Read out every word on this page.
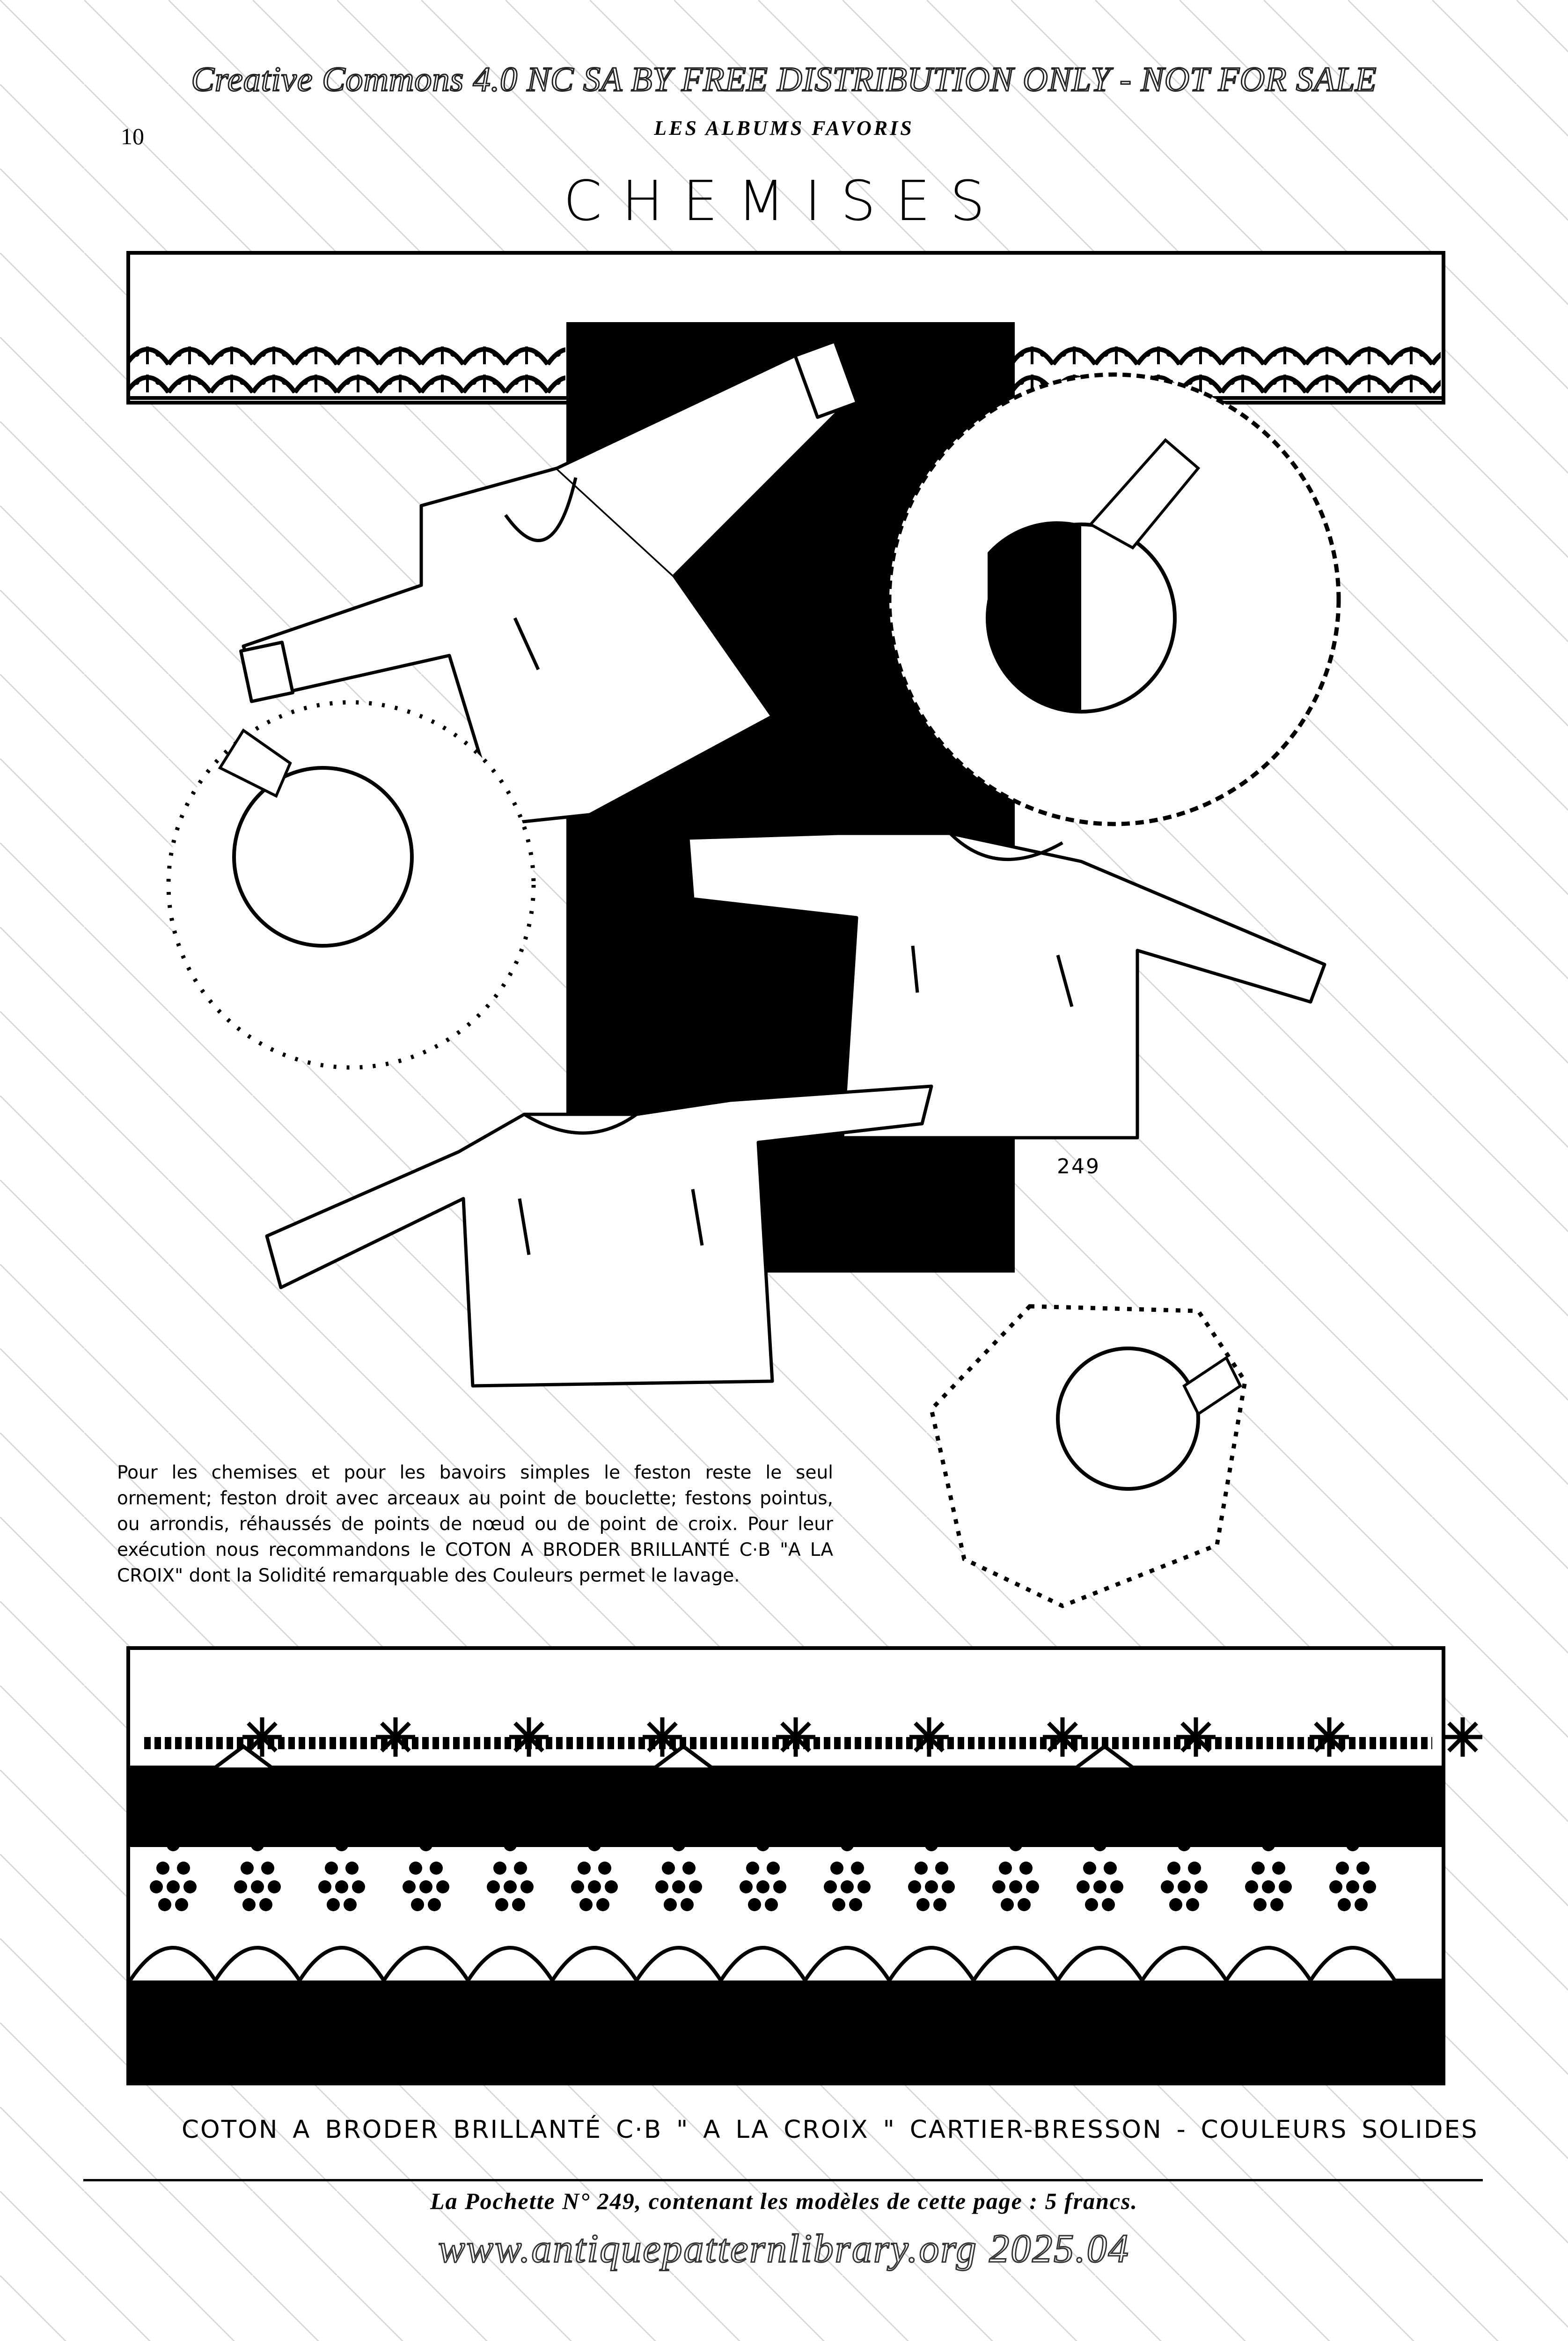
Creative Commons 4.0 NC SA BY FREE DISTRIBUTION ONLY - NOT FOR SALE
10	LES ALBUMS FAVORIS
CHEMISES
249
Pour les chemises et pour les bavoirs simples le feston reste le seul ornement; feston droit avec arceaux au point de bouclette; festons pointus, ou arrondis, réhaussés de points de nœud ou de point de croix. Pour leur exécution nous recommandons le COTON A BRODER BRILLANTÉ C·B "A LA CROIX" dont la Solidité remarquable des Couleurs permet le lavage.
COTON A BRODER BRILLANTÉ C·B " A LA CROIX " CARTIER-BRESSON - COULEURS SOLIDES
La Pochette N° 249, contenant les modèles de cette page : 5 francs.
www.antiquepatternlibrary.org 2025.04
